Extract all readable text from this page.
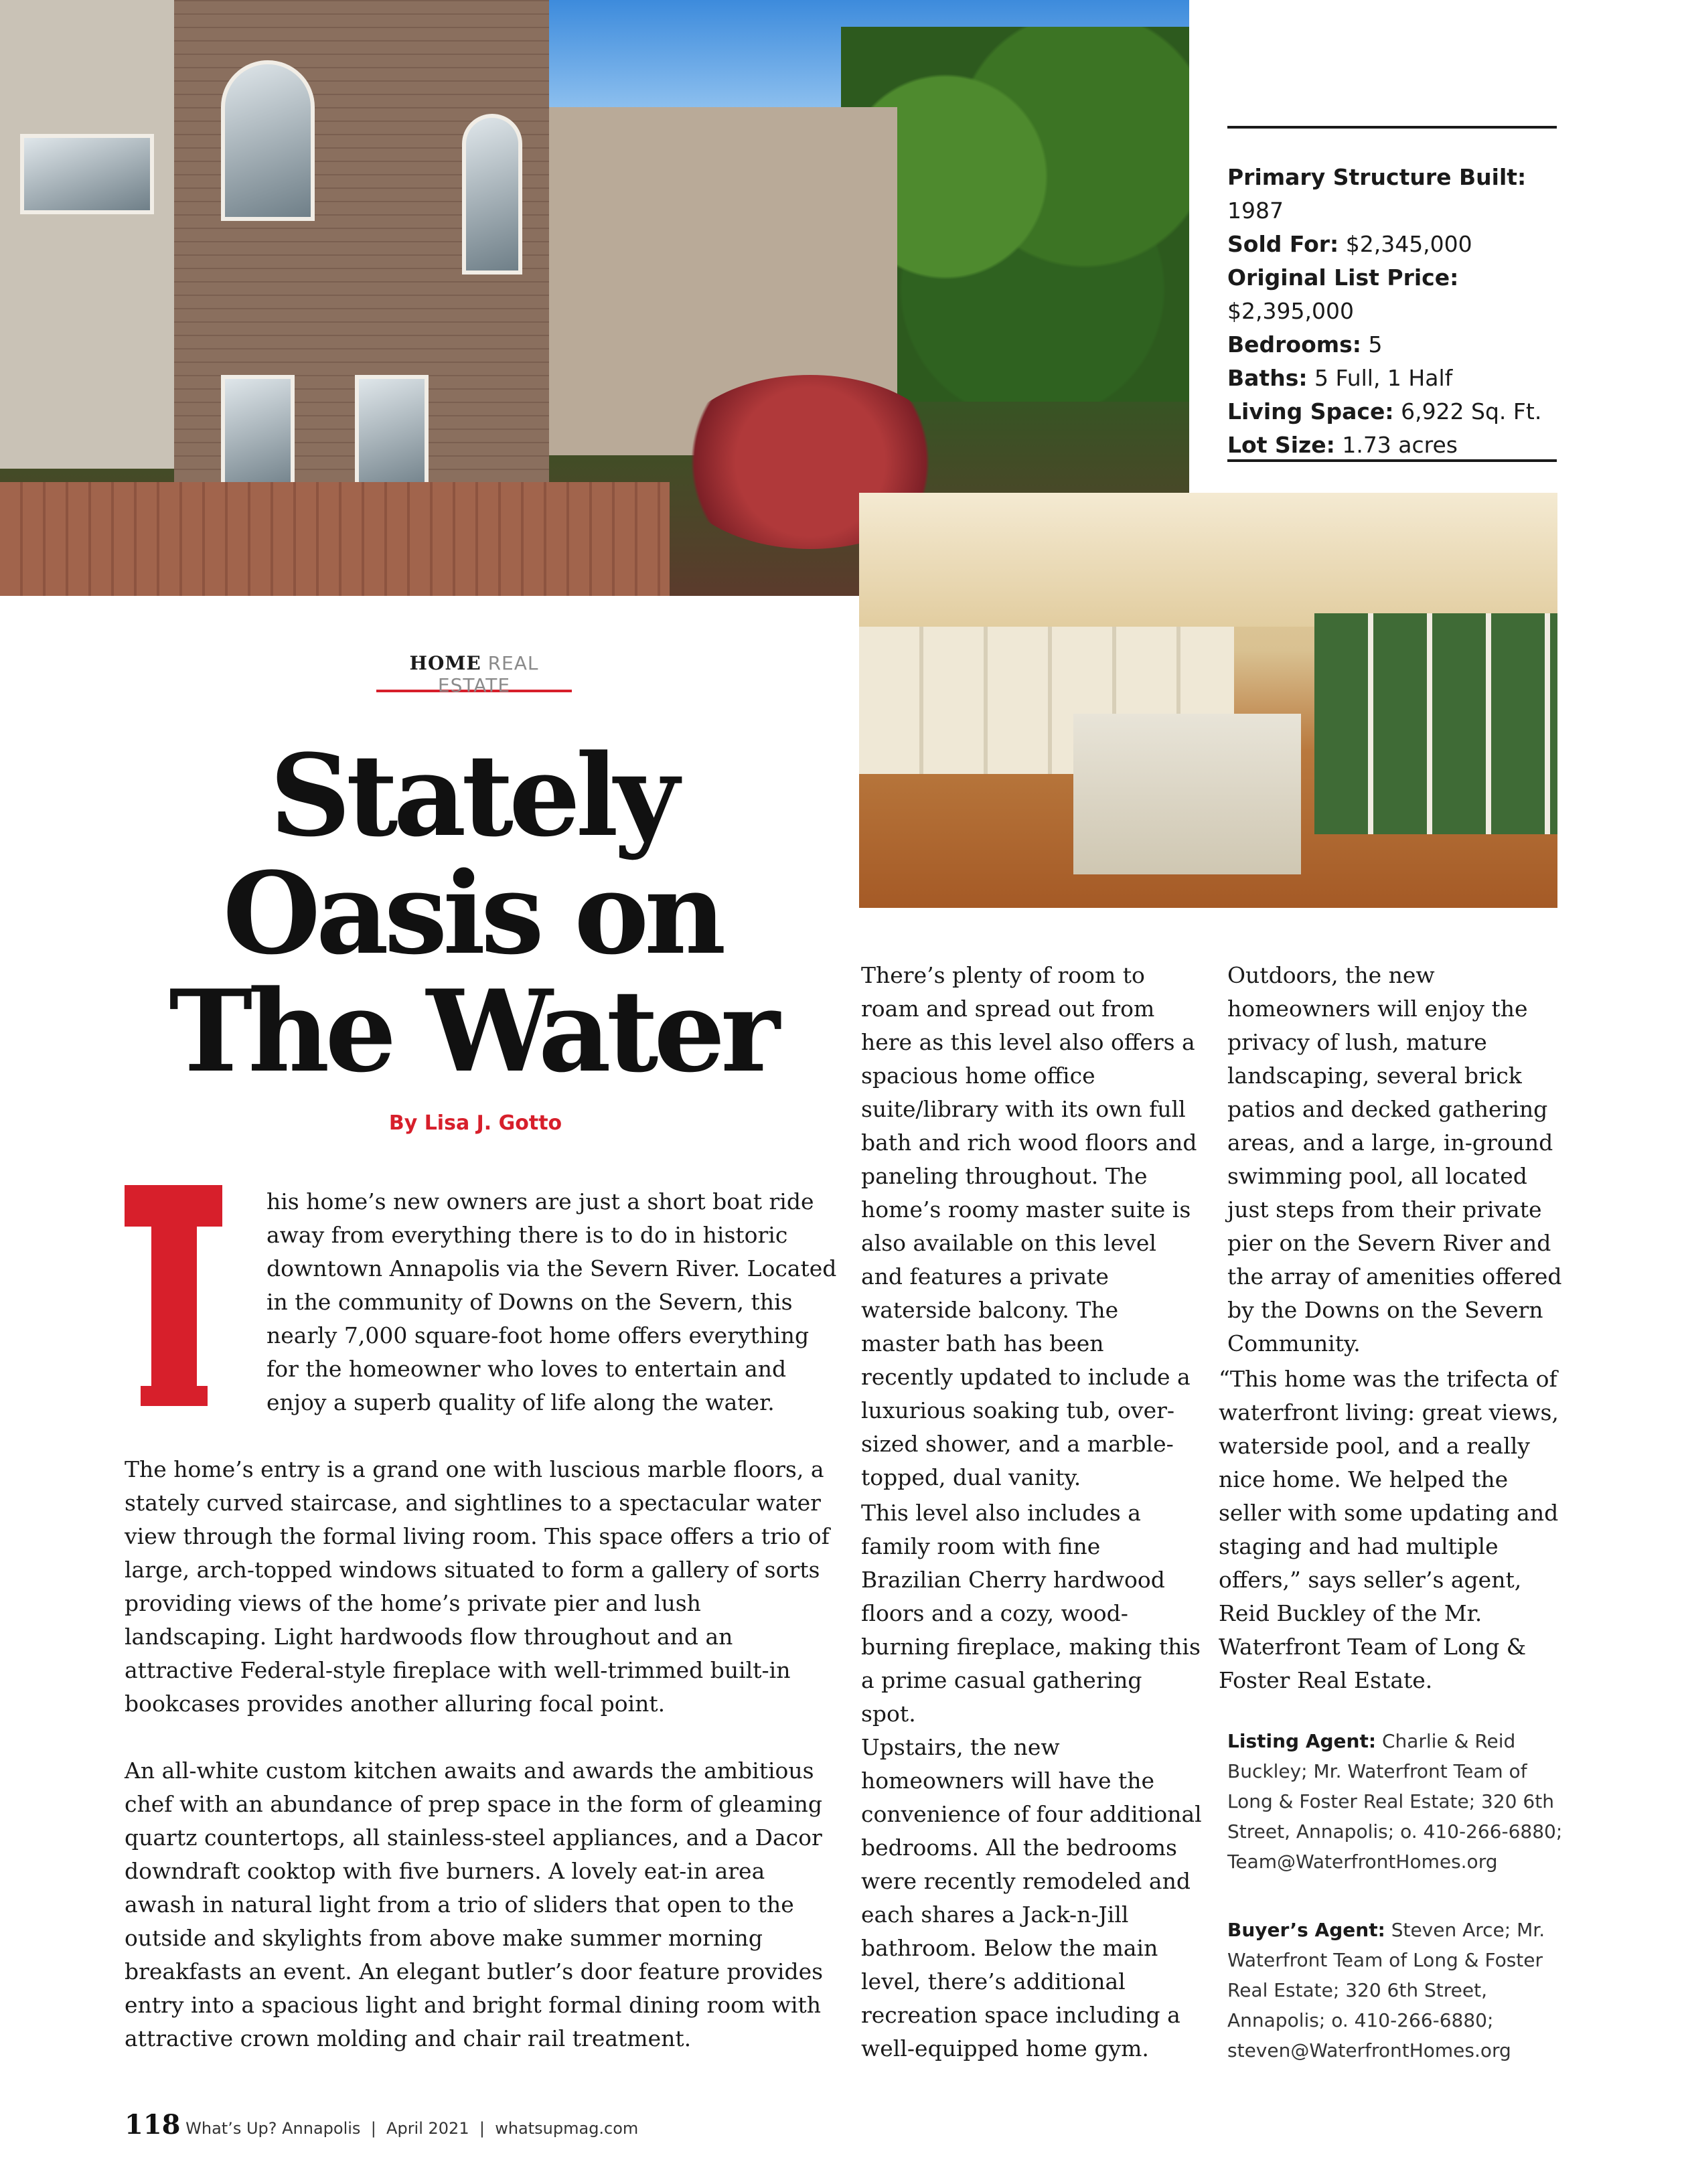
Primary Structure Built: 1987
Sold For: $2,345,000
Original List Price:
$2,395,000
Bedrooms: 5
Baths: 5 Full, 1 Half
Living Space: 6,922 Sq. Ft.
Lot Size: 1.73 acres
HOME REAL ESTATE
Stately Oasis on The Water
By Lisa J. Gotto
his home’s new owners are just a short boat ride away from everything there is to do in historic downtown Annapolis via the Severn River. Located in the community of Downs on the Severn, this nearly 7,000 square-foot home offers everything for the homeowner who loves to entertain and enjoy a superb quality of life along the water.
The home’s entry is a grand one with luscious marble floors, a stately curved staircase, and sightlines to a spectacular water view through the formal living room. This space offers a trio of large, arch-topped windows situated to form a gallery of sorts providing views of the home’s private pier and lush landscaping. Light hardwoods flow throughout and an attractive Federal-style fireplace with well-trimmed built-in bookcases provides another alluring focal point.
An all-white custom kitchen awaits and awards the ambitious chef with an abundance of prep space in the form of gleaming quartz countertops, all stainless-steel appliances, and a Dacor downdraft cooktop with five burners. A lovely eat-in area awash in natural light from a trio of sliders that open to the outside and skylights from above make summer morning breakfasts an event. An elegant butler’s door feature provides entry into a spacious light and bright formal dining room with attractive crown molding and chair rail treatment.
There’s plenty of room to roam and spread out from here as this level also offers a spacious home office suite/library with its own full bath and rich wood floors and paneling throughout. The home’s roomy master suite is also available on this level and features a private waterside balcony. The master bath has been recently updated to include a luxurious soaking tub, over-sized shower, and a marble-topped, dual vanity.
This level also includes a family room with fine Brazilian Cherry hardwood floors and a cozy, wood-burning fireplace, making this a prime casual gathering spot.
Upstairs, the new homeowners will have the convenience of four additional bedrooms. All the bedrooms were recently remodeled and each shares a Jack-n-Jill bathroom. Below the main level, there’s additional recreation space including a well-equipped home gym.
Outdoors, the new homeowners will enjoy the privacy of lush, mature landscaping, several brick patios and decked gathering areas, and a large, in-ground swimming pool, all located just steps from their private pier on the Severn River and the array of amenities offered by the Downs on the Severn Community.
“This home was the trifecta of waterfront living: great views, waterside pool, and a really nice home. We helped the seller with some updating and staging and had multiple offers,” says seller’s agent, Reid Buckley of the Mr. Waterfront Team of Long & Foster Real Estate.
Listing Agent: Charlie & Reid Buckley; Mr. Waterfront Team of Long & Foster Real Estate; 320 6th Street, Annapolis; o. 410-266-6880; Team@WaterfrontHomes.org
Buyer’s Agent: Steven Arce; Mr. Waterfront Team of Long & Foster Real Estate; 320 6th Street, Annapolis; o. 410-266-6880; steven@WaterfrontHomes.org
118 What’s Up? Annapolis  |  April 2021  |  whatsupmag.com
